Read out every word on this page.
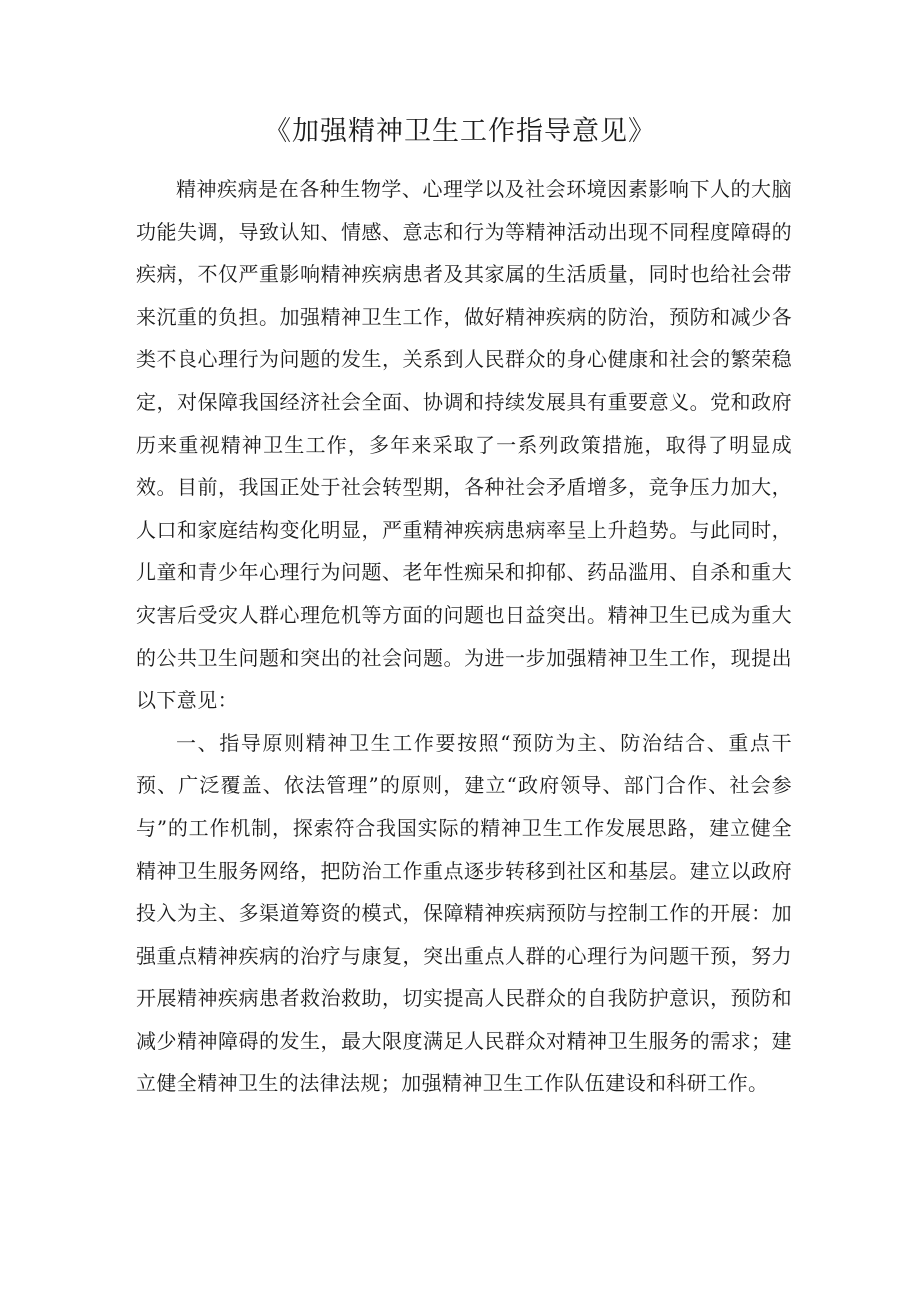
《加强精神卫生工作指导意见》

精神疾病是在各种生物学、心理学以及社会环境因素影响下人的大脑功能失调，导致认知、情感、意志和行为等精神活动出现不同程度障碍的疾病，不仅严重影响精神疾病患者及其家属的生活质量，同时也给社会带来沉重的负担。加强精神卫生工作，做好精神疾病的防治，预防和减少各类不良心理行为问题的发生，关系到人民群众的身心健康和社会的繁荣稳定，对保障我国经济社会全面、协调和持续发展具有重要意义。党和政府历来重视精神卫生工作，多年来采取了一系列政策措施，取得了明显成效。目前，我国正处于社会转型期，各种社会矛盾增多，竞争压力加大，人口和家庭结构变化明显，严重精神疾病患病率呈上升趋势。与此同时，儿童和青少年心理行为问题、老年性痴呆和抑郁、药品滥用、自杀和重大灾害后受灾人群心理危机等方面的问题也日益突出。精神卫生已成为重大的公共卫生问题和突出的社会问题。为进一步加强精神卫生工作，现提出以下意见：

一、指导原则精神卫生工作要按照“预防为主、防治结合、重点干预、广泛覆盖、依法管理”的原则，建立“政府领导、部门合作、社会参与”的工作机制，探索符合我国实际的精神卫生工作发展思路，建立健全精神卫生服务网络，把防治工作重点逐步转移到社区和基层。建立以政府投入为主、多渠道筹资的模式，保障精神疾病预防与控制工作的开展：加强重点精神疾病的治疗与康复，突出重点人群的心理行为问题干预，努力开展精神疾病患者救治救助，切实提高人民群众的自我防护意识，预防和减少精神障碍的发生，最大限度满足人民群众对精神卫生服务的需求；建立健全精神卫生的法律法规；加强精神卫生工作队伍建设和科研工作。
